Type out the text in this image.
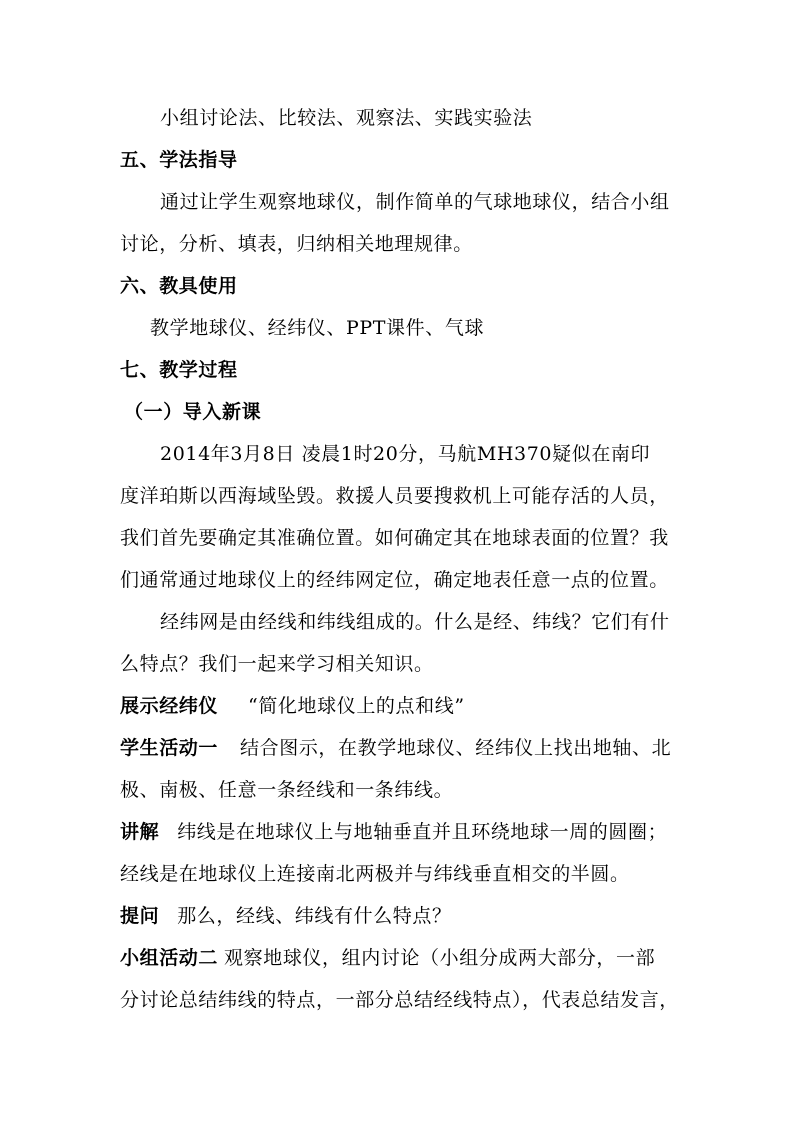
小组讨论法、比较法、观察法、实践实验法
五、学法指导
通过让学生观察地球仪，制作简单的气球地球仪，结合小组
讨论，分析、填表，归纳相关地理规律。
六、教具使用
教学地球仪、经纬仪、PPT课件、气球
七、教学过程
（一）导入新课
2014年3月8日 凌晨1时20分，马航MH370疑似在南印
度洋珀斯以西海域坠毁。救援人员要搜救机上可能存活的人员，
我们首先要确定其准确位置。如何确定其在地球表面的位置？我
们通常通过地球仪上的经纬网定位，确定地表任意一点的位置。
经纬网是由经线和纬线组成的。什么是经、纬线？它们有什
么特点？我们一起来学习相关知识。
展示经纬仪 “简化地球仪上的点和线”
学生活动一 结合图示，在教学地球仪、经纬仪上找出地轴、北
极、南极、任意一条经线和一条纬线。
讲解 纬线是在地球仪上与地轴垂直并且环绕地球一周的圆圈；
经线是在地球仪上连接南北两极并与纬线垂直相交的半圆。
提问 那么，经线、纬线有什么特点？
小组活动二 观察地球仪，组内讨论（小组分成两大部分，一部
分讨论总结纬线的特点，一部分总结经线特点），代表总结发言，
